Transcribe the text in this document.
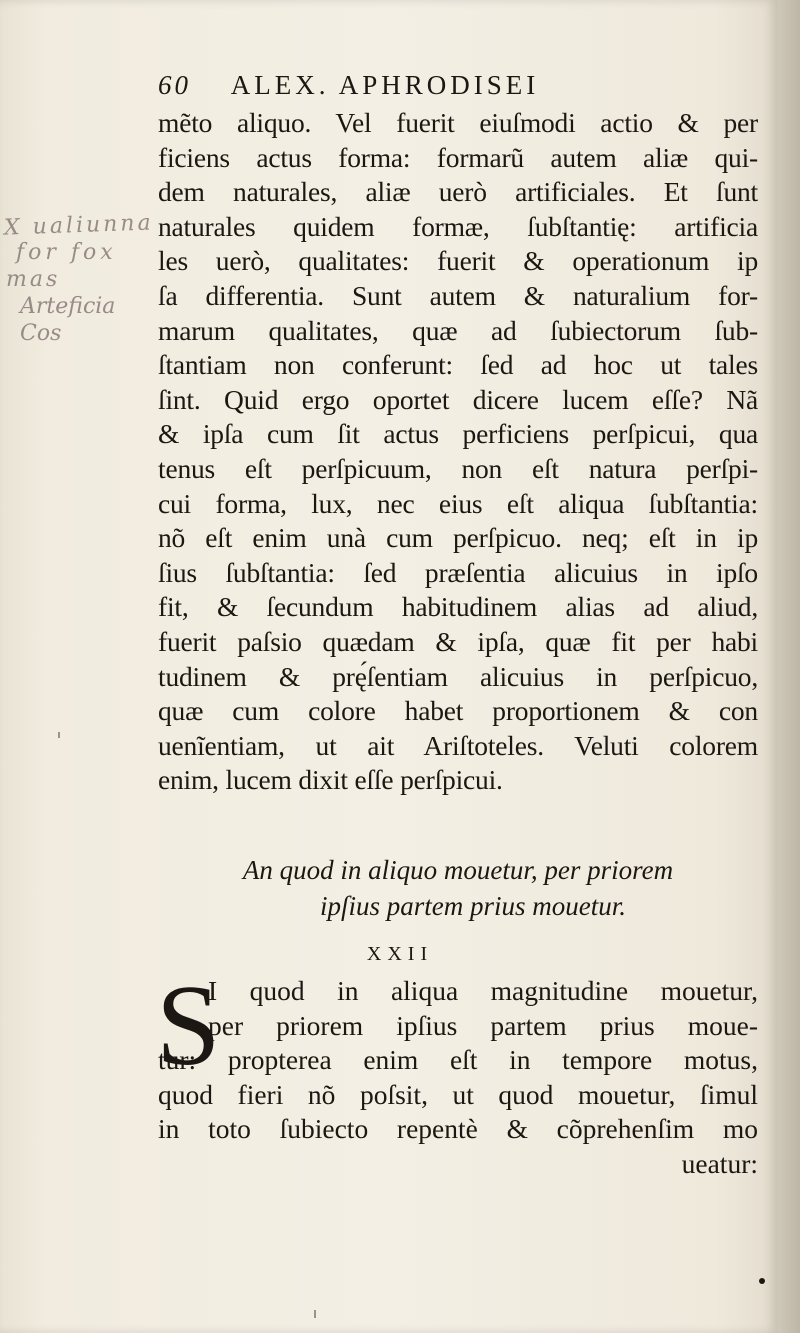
60 ALEX. APHRODISEI
X ualiunna
for fox
mas
Arteficia
Cos
mẽto aliquo. Vel fuerit eiuſmodi actio & per
ficiens actus forma: formarũ autem aliæ qui-
dem naturales, aliæ uerò artificiales. Et ſunt
naturales quidem formæ, ſubſtantię: artificia
les uerò, qualitates: fuerit & operationum ip
ſa differentia. Sunt autem & naturalium for-
marum qualitates, quæ ad ſubiectorum ſub-
ſtantiam non conferunt: ſed ad hoc ut tales
ſint. Quid ergo oportet dicere lucem eſſe? Nã
& ipſa cum ſit actus perficiens perſpicui, qua
tenus eſt perſpicuum, non eſt natura perſpi-
cui forma, lux, nec eius eſt aliqua ſubſtantia:
nõ eſt enim unà cum perſpicuo. neq; eſt in ip
ſius ſubſtantia: ſed præſentia alicuius in ipſo
fit, & ſecundum habitudinem alias ad aliud,
fuerit paſsio quædam & ipſa, quæ fit per habi
tudinem & prę́ſentiam alicuius in perſpicuo,
quæ cum colore habet proportionem & con
uenĩentiam, ut ait Ariſtoteles. Veluti colorem
enim, lucem dixit eſſe perſpicui.
An quod in aliquo mouetur, per priorem
ipſius partem prius mouetur.
XXII
S
I quod in aliqua magnitudine mouetur,
per priorem ipſius partem prius moue-
tur: propterea enim eſt in tempore motus,
quod fieri nõ poſsit, ut quod mouetur, ſimul
in toto ſubiecto repentè & cõprehenſim mo
ueatur:
